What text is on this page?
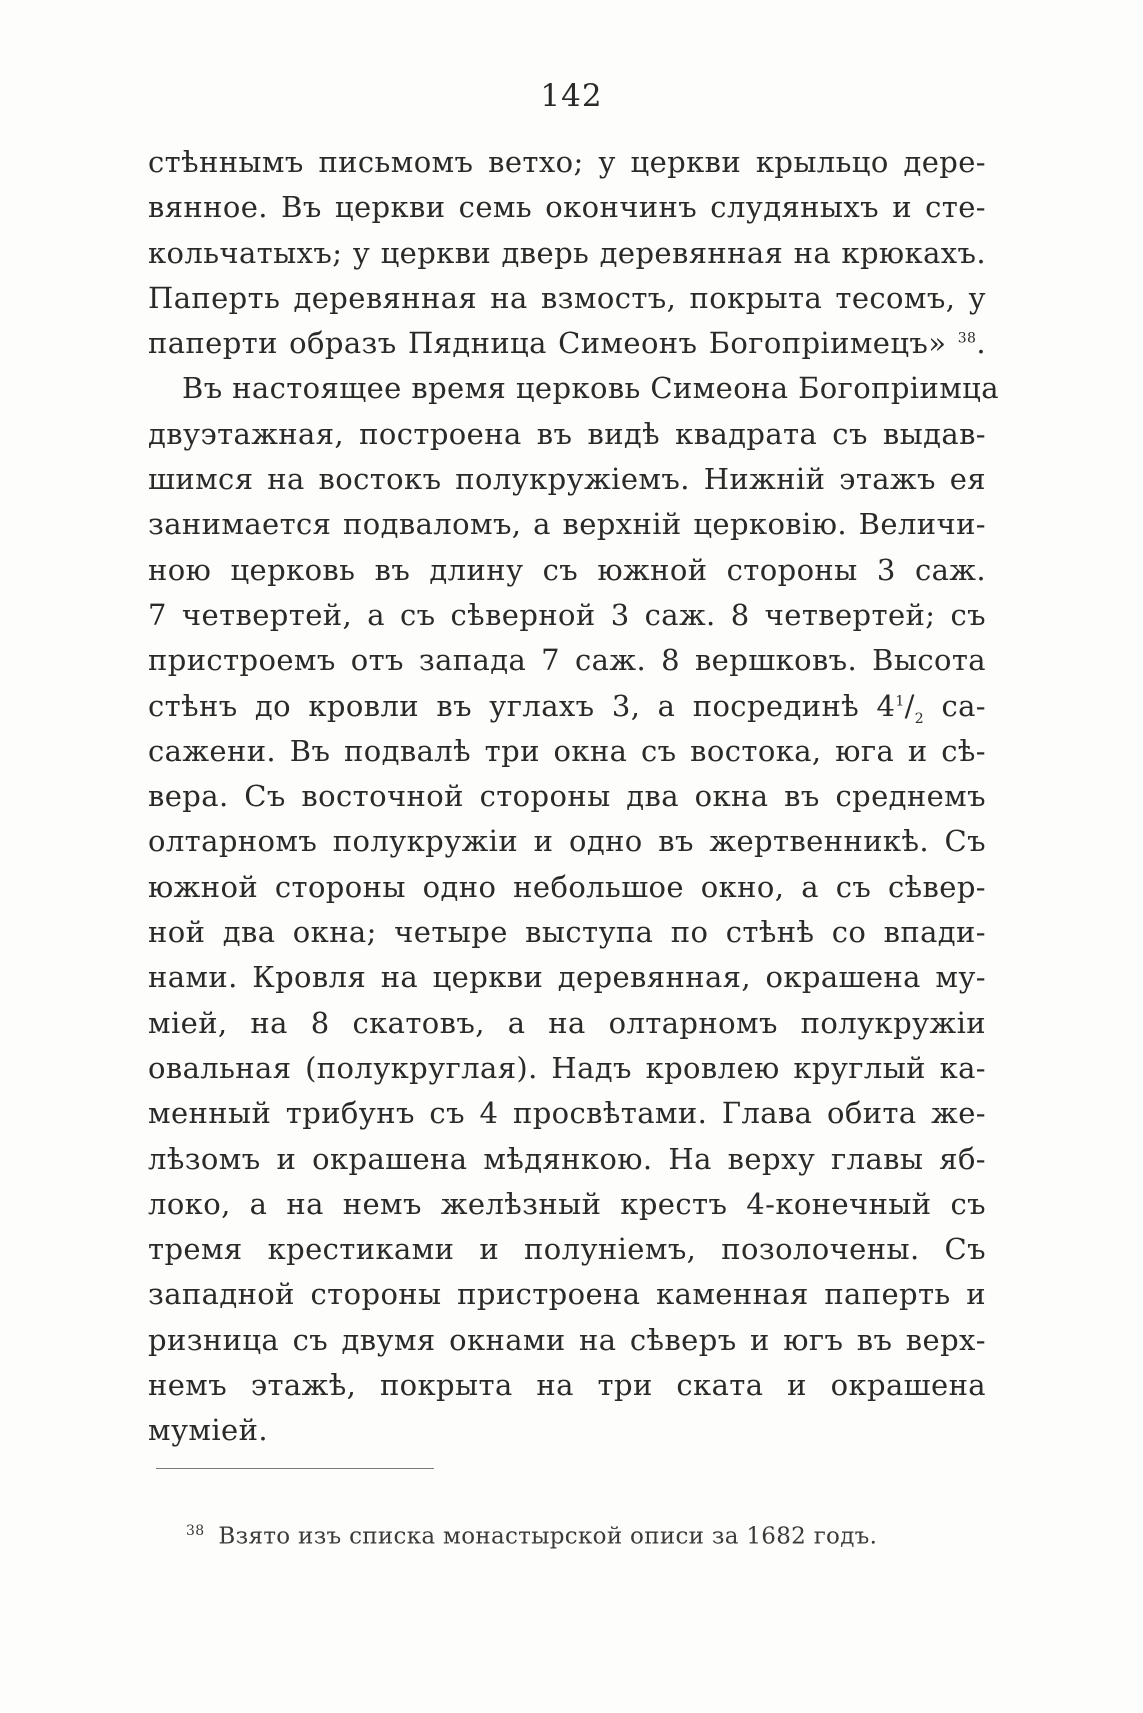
142
стѣннымъ письмомъ ветхо; у церкви крыльцо дере-
вянное. Въ церкви семь окончинъ слудяныхъ и сте-
кольчатыхъ; у церкви дверь деревянная на крюкахъ.
Паперть деревянная на взмостъ, покрыта тесомъ, у
паперти образъ Пядница Симеонъ Богопріимецъ» $^{38}$.
Въ настоящее время церковь Симеона Богопріимца
двуэтажная, построена въ видѣ квадрата съ выдав-
шимся на востокъ полукружіемъ. Нижній этажъ ея
занимается подваломъ, а верхній церковію. Величи-
ною церковь въ длину съ южной стороны 3 саж.
7 четвертей, а съ сѣверной 3 саж. 8 четвертей; съ
пристроемъ отъ запада 7 саж. 8 вершковъ. Высота
стѣнъ до кровли въ углахъ 3, а посрединѣ $4^1/_2$ са-
сажени. Въ подвалѣ три окна съ востока, юга и сѣ-
вера. Съ восточной стороны два окна въ среднемъ
олтарномъ полукружіи и одно въ жертвенникѣ. Съ
южной стороны одно небольшое окно, а съ сѣвер-
ной два окна; четыре выступа по стѣнѣ со впади-
нами. Кровля на церкви деревянная, окрашена му-
міей, на 8 скатовъ, а на олтарномъ полукружіи
овальная (полукруглая). Надъ кровлею круглый ка-
менный трибунъ съ 4 просвѣтами. Глава обита же-
лѣзомъ и окрашена мѣдянкою. На верху главы яб-
локо, а на немъ желѣзный крестъ 4-конечный съ
тремя крестиками и полуніемъ, позолочены. Съ
западной стороны пристроена каменная паперть и
ризница съ двумя окнами на сѣверъ и югъ въ верх-
немъ этажѣ, покрыта на три ската и окрашена
муміей.
$^{38}$ Взято изъ списка монастырской описи за 1682 годъ.
